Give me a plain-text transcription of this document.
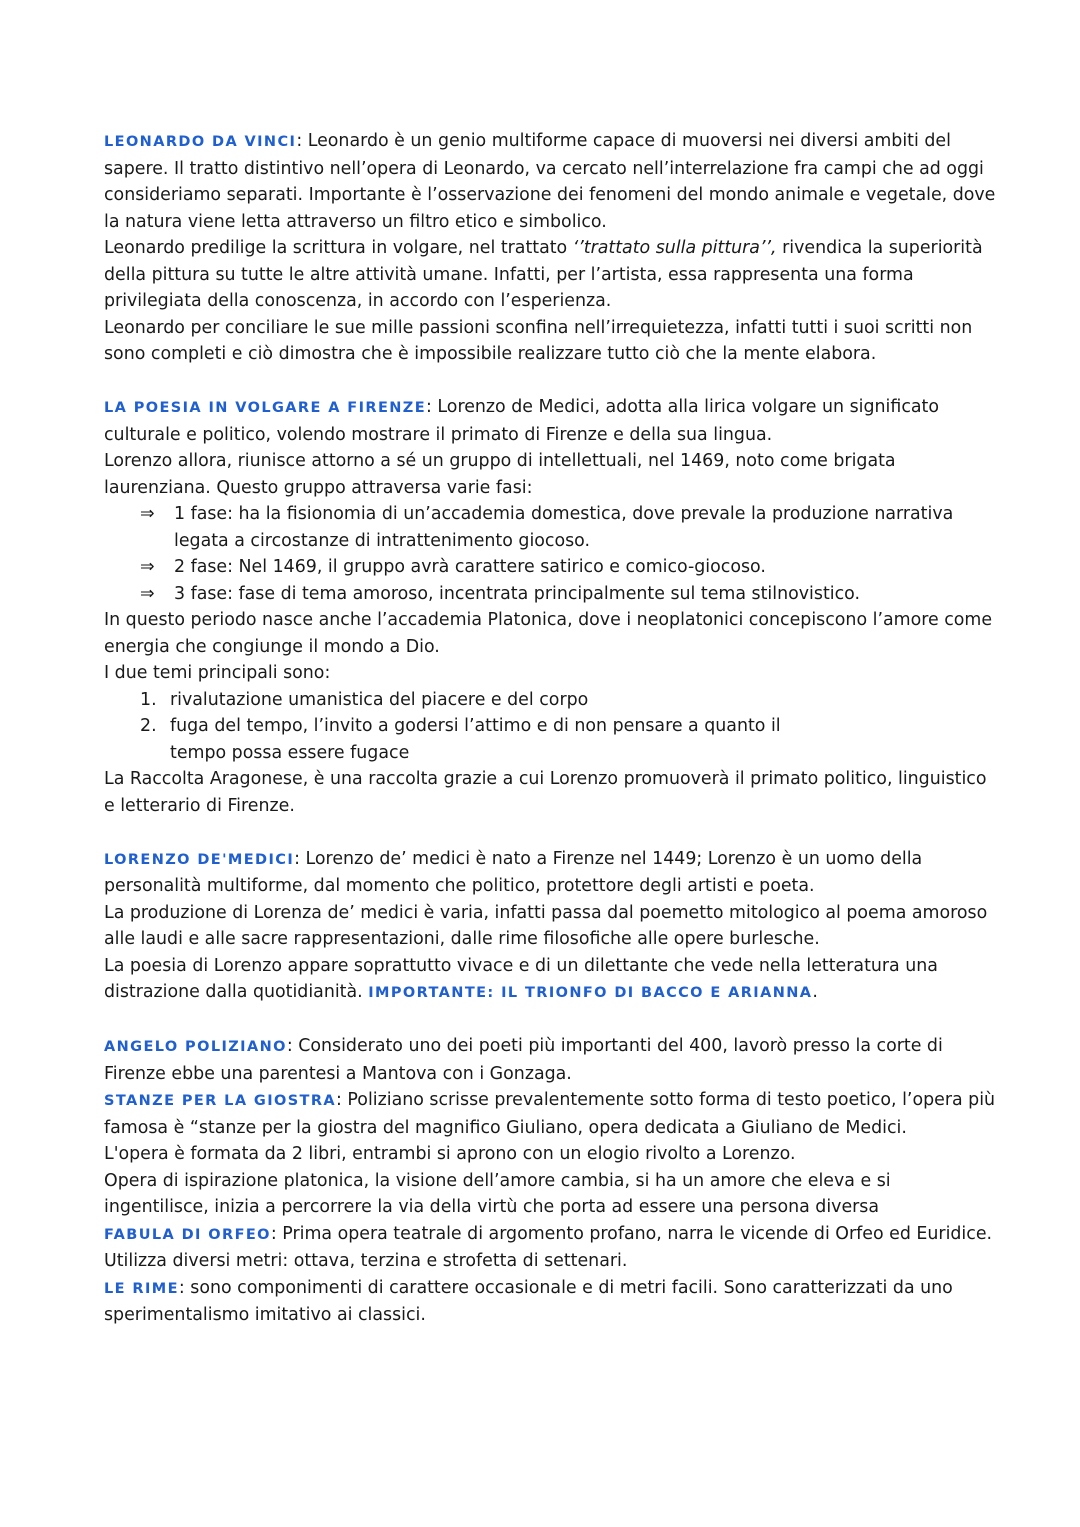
LEONARDO DA VINCI: Leonardo è un genio multiforme capace di muoversi nei diversi ambiti del sapere. Il tratto distintivo nell’opera di Leonardo, va cercato nell’interrelazione fra campi che ad oggi consideriamo separati. Importante è l’osservazione dei fenomeni del mondo animale e vegetale, dove la natura viene letta attraverso un filtro etico e simbolico.

Leonardo predilige la scrittura in volgare, nel trattato ‘’trattato sulla pittura’’, rivendica la superiorità della pittura su tutte le altre attività umane. Infatti, per l’artista, essa rappresenta una forma privilegiata della conoscenza, in accordo con l’esperienza.

Leonardo per conciliare le sue mille passioni sconfina nell’irrequietezza, infatti tutti i suoi scritti non sono completi e ciò dimostra che è impossibile realizzare tutto ciò che la mente elabora.

LA POESIA IN VOLGARE A FIRENZE: Lorenzo de Medici, adotta alla lirica volgare un significato culturale e politico, volendo mostrare il primato di Firenze e della sua lingua.

Lorenzo allora, riunisce attorno a sé un gruppo di intellettuali, nel 1469, noto come brigata laurenziana. Questo gruppo attraversa varie fasi:

⇒	1 fase: ha la fisionomia di un’accademia domestica, dove prevale la produzione narrativa legata a circostanze di intrattenimento giocoso.
⇒	2 fase: Nel 1469, il gruppo avrà carattere satirico e comico-giocoso.
⇒	3 fase: fase di tema amoroso, incentrata principalmente sul tema stilnovistico.

In questo periodo nasce anche l’accademia Platonica, dove i neoplatonici concepiscono l’amore come energia che congiunge il mondo a Dio.

I due temi principali sono:

1. rivalutazione umanistica del piacere e del corpo
2. fuga del tempo, l’invito a godersi l’attimo e di non pensare a quanto il tempo possa essere fugace

La Raccolta Aragonese, è una raccolta grazie a cui Lorenzo promuoverà il primato politico, linguistico e letterario di Firenze.

LORENZO DE'MEDICI: Lorenzo de’ medici è nato a Firenze nel 1449; Lorenzo è un uomo della personalità multiforme, dal momento che politico, protettore degli artisti e poeta.

La produzione di Lorenza de’ medici è varia, infatti passa dal poemetto mitologico al poema amoroso alle laudi e alle sacre rappresentazioni, dalle rime filosofiche alle opere burlesche.

La poesia di Lorenzo appare soprattutto vivace e di un dilettante che vede nella letteratura una distrazione dalla quotidianità. IMPORTANTE: IL TRIONFO DI BACCO E ARIANNA.

ANGELO POLIZIANO: Considerato uno dei poeti più importanti del 400, lavorò presso la corte di Firenze ebbe una parentesi a Mantova con i Gonzaga.

STANZE PER LA GIOSTRA: Poliziano scrisse prevalentemente sotto forma di testo poetico, l’opera più famosa è “stanze per la giostra del magnifico Giuliano, opera dedicata a Giuliano de Medici.

L'opera è formata da 2 libri, entrambi si aprono con un elogio rivolto a Lorenzo.

Opera di ispirazione platonica, la visione dell’amore cambia, si ha un amore che eleva e si ingentilisce, inizia a percorrere la via della virtù che porta ad essere una persona diversa

FABULA DI ORFEO: Prima opera teatrale di argomento profano, narra le vicende di Orfeo ed Euridice. Utilizza diversi metri: ottava, terzina e strofetta di settenari.

LE RIME: sono componimenti di carattere occasionale e di metri facili. Sono caratterizzati da uno sperimentalismo imitativo ai classici.
